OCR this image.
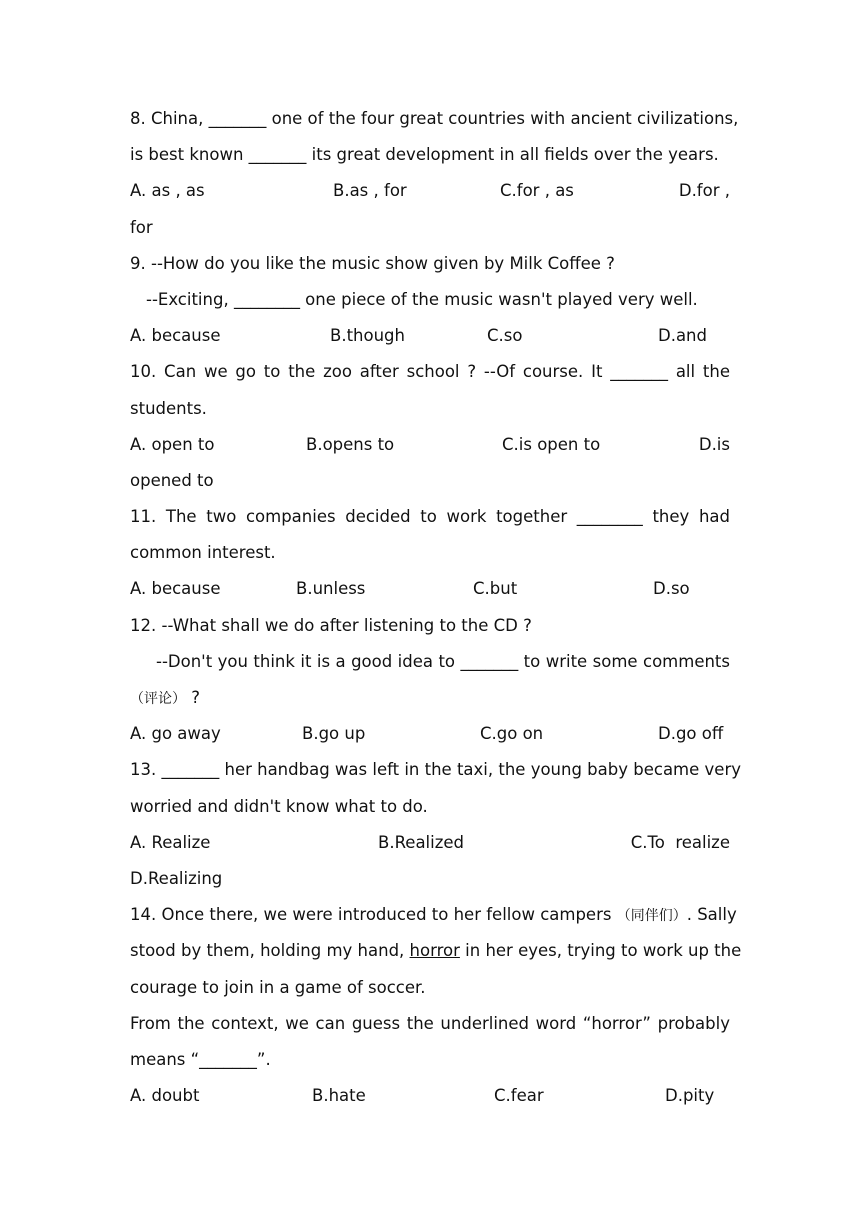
8. China, _______ one of the four great countries with ancient civilizations,
is best known _______ its great development in all fields over the years.
A. as , as	B.as , for	C.for , as	D.for ,
for
9. --How do you like the music show given by Milk Coffee ?
--Exciting, ________ one piece of the music wasn't played very well.
A. because	B.though	C.so	D.and
10. Can we go to the zoo after school ? --Of course. It _______ all the
students.
A. open to	B.opens to	C.is open to	D.is
opened to
11. The two companies decided to work together ________ they had
common interest.
A. because	B.unless	C.but	D.so
12. --What shall we do after listening to the CD ?
--Don't you think it is a good idea to _______ to write some comments
（评论） ?
A. go away	B.go up	C.go on	D.go off
13. _______ her handbag was left in the taxi, the young baby became very
worried and didn't know what to do.
A. Realize	B.Realized	C.To  realize
D.Realizing
14. Once there, we were introduced to her fellow campers （同伴们）. Sally
stood by them, holding my hand, horror in her eyes, trying to work up the
courage to join in a game of soccer.
From the context, we can guess the underlined word “horror” probably
means “_______”.
A. doubt	B.hate	C.fear	D.pity
